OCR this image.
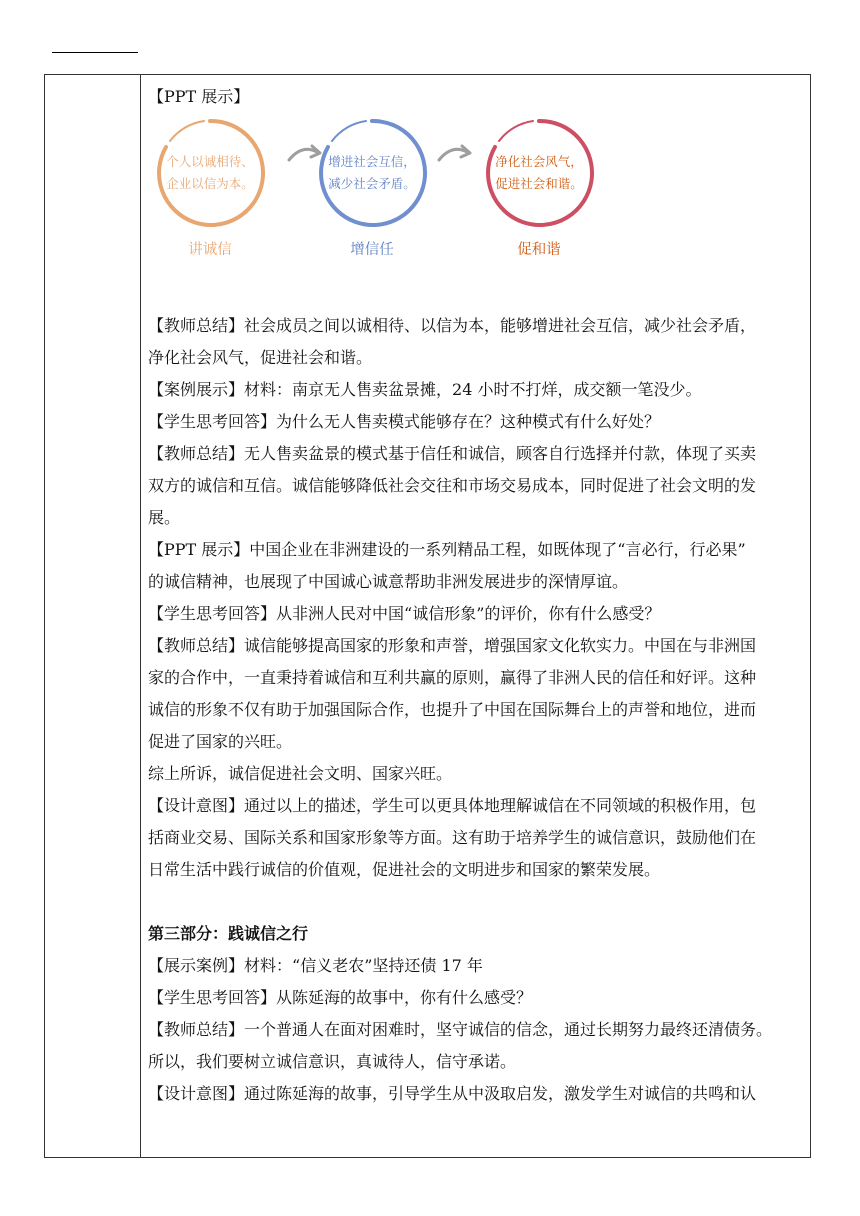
【PPT 展示】

个人以诚相待、
企业以信为本。
讲诚信
增进社会互信，
减少社会矛盾。
增信任
净化社会风气，
促进社会和谐。
促和谐

【教师总结】社会成员之间以诚相待、以信为本，能够增进社会互信，减少社会矛盾，

净化社会风气，促进社会和谐。

【案例展示】材料：南京无人售卖盆景摊，24 小时不打烊，成交额一笔没少。

【学生思考回答】为什么无人售卖模式能够存在？这种模式有什么好处？

【教师总结】无人售卖盆景的模式基于信任和诚信，顾客自行选择并付款，体现了买卖

双方的诚信和互信。诚信能够降低社会交往和市场交易成本，同时促进了社会文明的发

展。

【PPT 展示】中国企业在非洲建设的一系列精品工程，如既体现了“言必行，行必果”

的诚信精神，也展现了中国诚心诚意帮助非洲发展进步的深情厚谊。

【学生思考回答】从非洲人民对中国“诚信形象”的评价，你有什么感受？

【教师总结】诚信能够提高国家的形象和声誉，增强国家文化软实力。中国在与非洲国

家的合作中，一直秉持着诚信和互利共赢的原则，赢得了非洲人民的信任和好评。这种

诚信的形象不仅有助于加强国际合作，也提升了中国在国际舞台上的声誉和地位，进而

促进了国家的兴旺。

综上所诉，诚信促进社会文明、国家兴旺。

【设计意图】通过以上的描述，学生可以更具体地理解诚信在不同领域的积极作用，包

括商业交易、国际关系和国家形象等方面。这有助于培养学生的诚信意识，鼓励他们在

日常生活中践行诚信的价值观，促进社会的文明进步和国家的繁荣发展。

第三部分：践诚信之行

【展示案例】材料：“信义老农”坚持还债 17 年

【学生思考回答】从陈延海的故事中，你有什么感受？

【教师总结】一个普通人在面对困难时，坚守诚信的信念，通过长期努力最终还清债务。

所以，我们要树立诚信意识，真诚待人，信守承诺。

【设计意图】通过陈延海的故事，引导学生从中汲取启发，激发学生对诚信的共鸣和认
